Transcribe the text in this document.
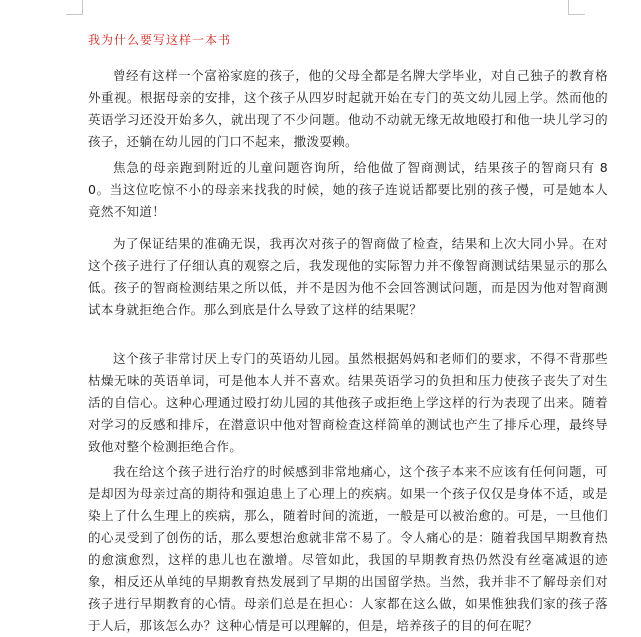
我为什么要写这样一本书

曾经有这样一个富裕家庭的孩子，他的父母全都是名牌大学毕业，对自己独子的教育格外重视。根据母亲的安排，这个孩子从四岁时起就开始在专门的英文幼儿园上学。然而他的英语学习还没开始多久，就出现了不少问题。他动不动就无缘无故地殴打和他一块儿学习的孩子，还躺在幼儿园的门口不起来，撒泼耍赖。

焦急的母亲跑到附近的儿童问题咨询所，给他做了智商测试，结果孩子的智商只有 80。当这位吃惊不小的母亲来找我的时候，她的孩子连说话都要比别的孩子慢，可是她本人竟然不知道！

为了保证结果的准确无误，我再次对孩子的智商做了检查，结果和上次大同小异。在对这个孩子进行了仔细认真的观察之后，我发现他的实际智力并不像智商测试结果显示的那么低。孩子的智商检测结果之所以低，并不是因为他不会回答测试问题，而是因为他对智商测试本身就拒绝合作。那么到底是什么导致了这样的结果呢？

这个孩子非常讨厌上专门的英语幼儿园。虽然根据妈妈和老师们的要求，不得不背那些枯燥无味的英语单词，可是他本人并不喜欢。结果英语学习的负担和压力使孩子丧失了对生活的自信心。这种心理通过殴打幼儿园的其他孩子或拒绝上学这样的行为表现了出来。随着对学习的反感和排斥，在潜意识中他对智商检查这样简单的测试也产生了排斥心理，最终导致他对整个检测拒绝合作。

我在给这个孩子进行治疗的时候感到非常地痛心，这个孩子本来不应该有任何问题，可是却因为母亲过高的期待和强迫患上了心理上的疾病。如果一个孩子仅仅是身体不适，或是染上了什么生理上的疾病，那么，随着时间的流逝，一般是可以被治愈的。可是，一旦他们的心灵受到了创伤的话，那么要想治愈就非常不易了。令人痛心的是：随着我国早期教育热的愈演愈烈，这样的患儿也在激增。尽管如此，我国的早期教育热仍然没有丝毫减退的迹象，相反还从单纯的早期教育热发展到了早期的出国留学热。当然，我并非不了解母亲们对孩子进行早期教育的心情。母亲们总是在担心：人家都在这么做，如果惟独我们家的孩子落于人后，那该怎么办？这种心情是可以理解的，但是，培养孩子的目的何在呢？
